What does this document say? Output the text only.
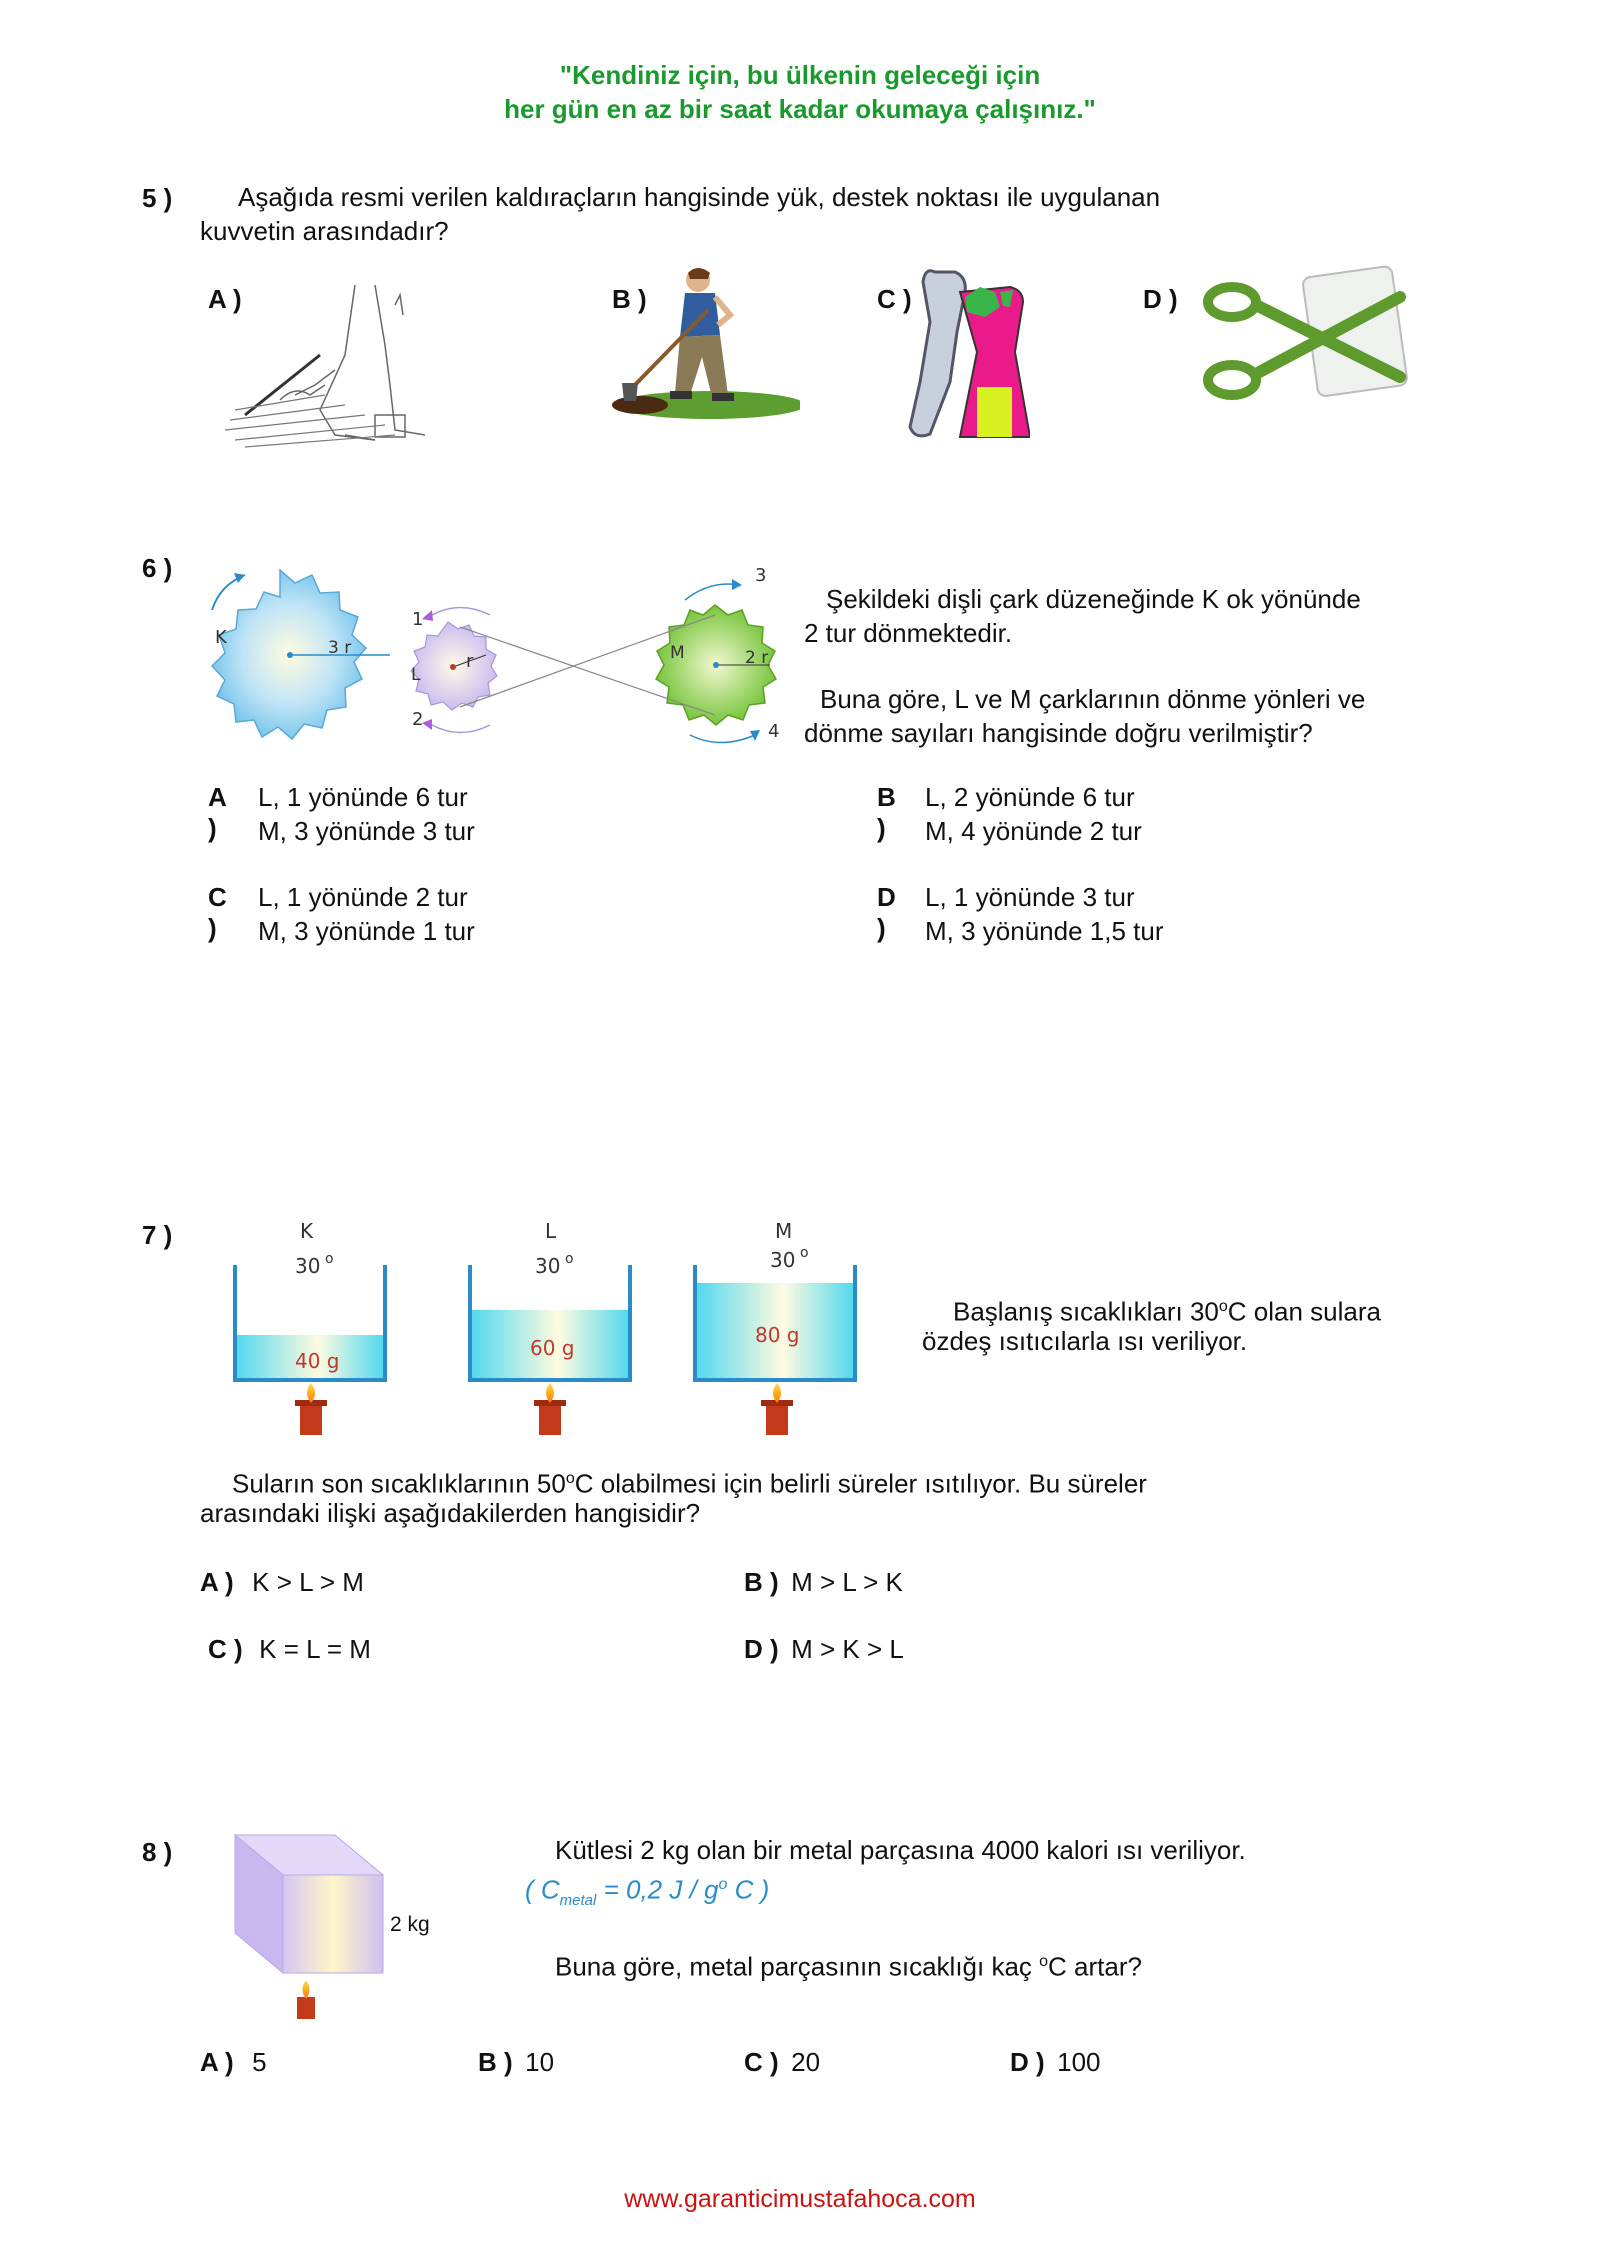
"Kendiniz için, bu ülkenin geleceği için
her gün en az bir saat kadar okumaya çalışınız."
5 )	Aşağıda resmi verilen kaldıraçların hangisinde yük, destek noktası ile uygulanan
kuvvetin arasındadır?
A )	B )	C )	D )
6 )
K	3 r
1
2
L
r	M	2 r
3
4
Şekildeki dişli çark düzeneğinde K ok yönünde
2 tur dönmektedir.
Buna göre, L ve M çarklarının dönme yönleri ve
dönme sayıları hangisinde doğru verilmiştir?
A )
L, 1 yönünde 6 tur
M, 3 yönünde 3 tur
B )
L, 2 yönünde 6 tur
M, 4 yönünde 2 tur
C )
L, 1 yönünde 2 tur
M, 3 yönünde 1 tur
D )
L, 1 yönünde 3 tur
M, 3 yönünde 1,5 tur
7 )	K
30 o
40 g
L
30 o
60 g
M
30 o
80 g
Başlanış sıcaklıkları 30$^o$C olan sulara
özdeş ısıtıcılarla ısı veriliyor.
Suların son sıcaklıklarının 50$^o$C olabilmesi için belirli süreler ısıtılıyor. Bu süreler
arasındaki ilişki aşağıdakilerden hangisidir?
A ) K > L > M	B ) M > L > K
C ) K = L = M	D ) M > K > L
8 )
2 kg
Kütlesi 2 kg olan bir metal parçasına 4000 kalori ısı veriliyor.
( $C_{metal} = 0,2$ J / $g^o$ C )
Buna göre, metal parçasının sıcaklığı kaç $^o$C artar?
A ) 5	B ) 10	C ) 20	D ) 100
www.garanticimustafahoca.com
